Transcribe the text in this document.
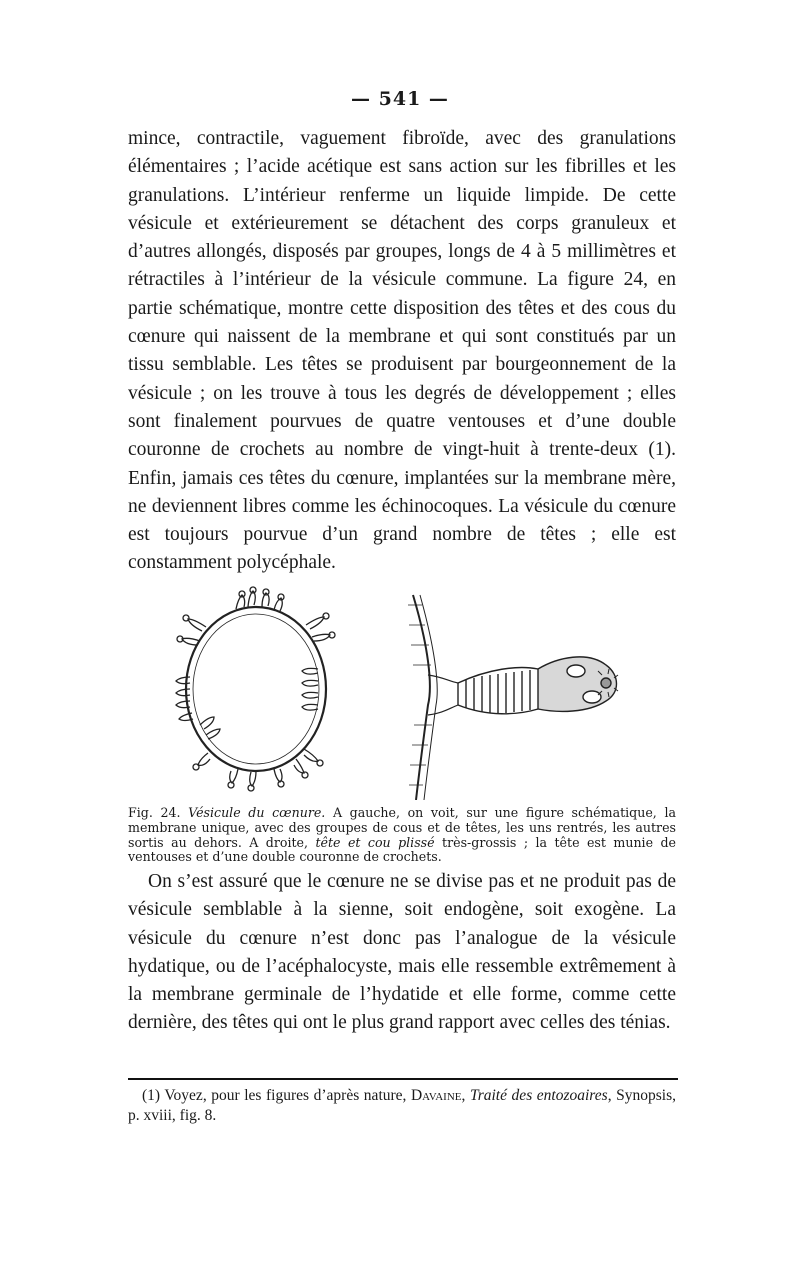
— 541 —

mince, contractile, vaguement fibroïde, avec des granulations élémentaires ; l’acide acétique est sans action sur les fibrilles et les granulations. L’intérieur renferme un liquide limpide. De cette vésicule et extérieurement se détachent des corps granuleux et d’autres allongés, disposés par groupes, longs de 4 à 5 millimètres et rétractiles à l’intérieur de la vésicule commune. La figure 24, en partie schématique, montre cette disposition des têtes et des cous du cœnure qui naissent de la membrane et qui sont constitués par un tissu semblable. Les têtes se produisent par bourgeonnement de la vésicule ; on les trouve à tous les degrés de développement ; elles sont finalement pourvues de quatre ventouses et d’une double couronne de crochets au nombre de vingt-huit à trente-deux (1). Enfin, jamais ces têtes du cœnure, implantées sur la membrane mère, ne deviennent libres comme les échinocoques. La vésicule du cœnure est toujours pourvue d’un grand nombre de têtes ; elle est constamment polycéphale.

Fig. 24. Vésicule du cœnure. A gauche, on voit, sur une figure schématique, la membrane unique, avec des groupes de cous et de têtes, les uns rentrés, les autres sortis au dehors. A droite, tête et cou plissé très-grossis ; la tête est munie de ventouses et d’une double couronne de crochets.

On s’est assuré que le cœnure ne se divise pas et ne produit pas de vésicule semblable à la sienne, soit endogène, soit exogène. La vésicule du cœnure n’est donc pas l’analogue de la vésicule hydatique, ou de l’acéphalocyste, mais elle ressemble extrêmement à la membrane germinale de l’hydatide et elle forme, comme cette dernière, des têtes qui ont le plus grand rapport avec celles des ténias.

(1) Voyez, pour les figures d’après nature, Davaine, Traité des entozoaires, Synopsis, p. xviii, fig. 8.
